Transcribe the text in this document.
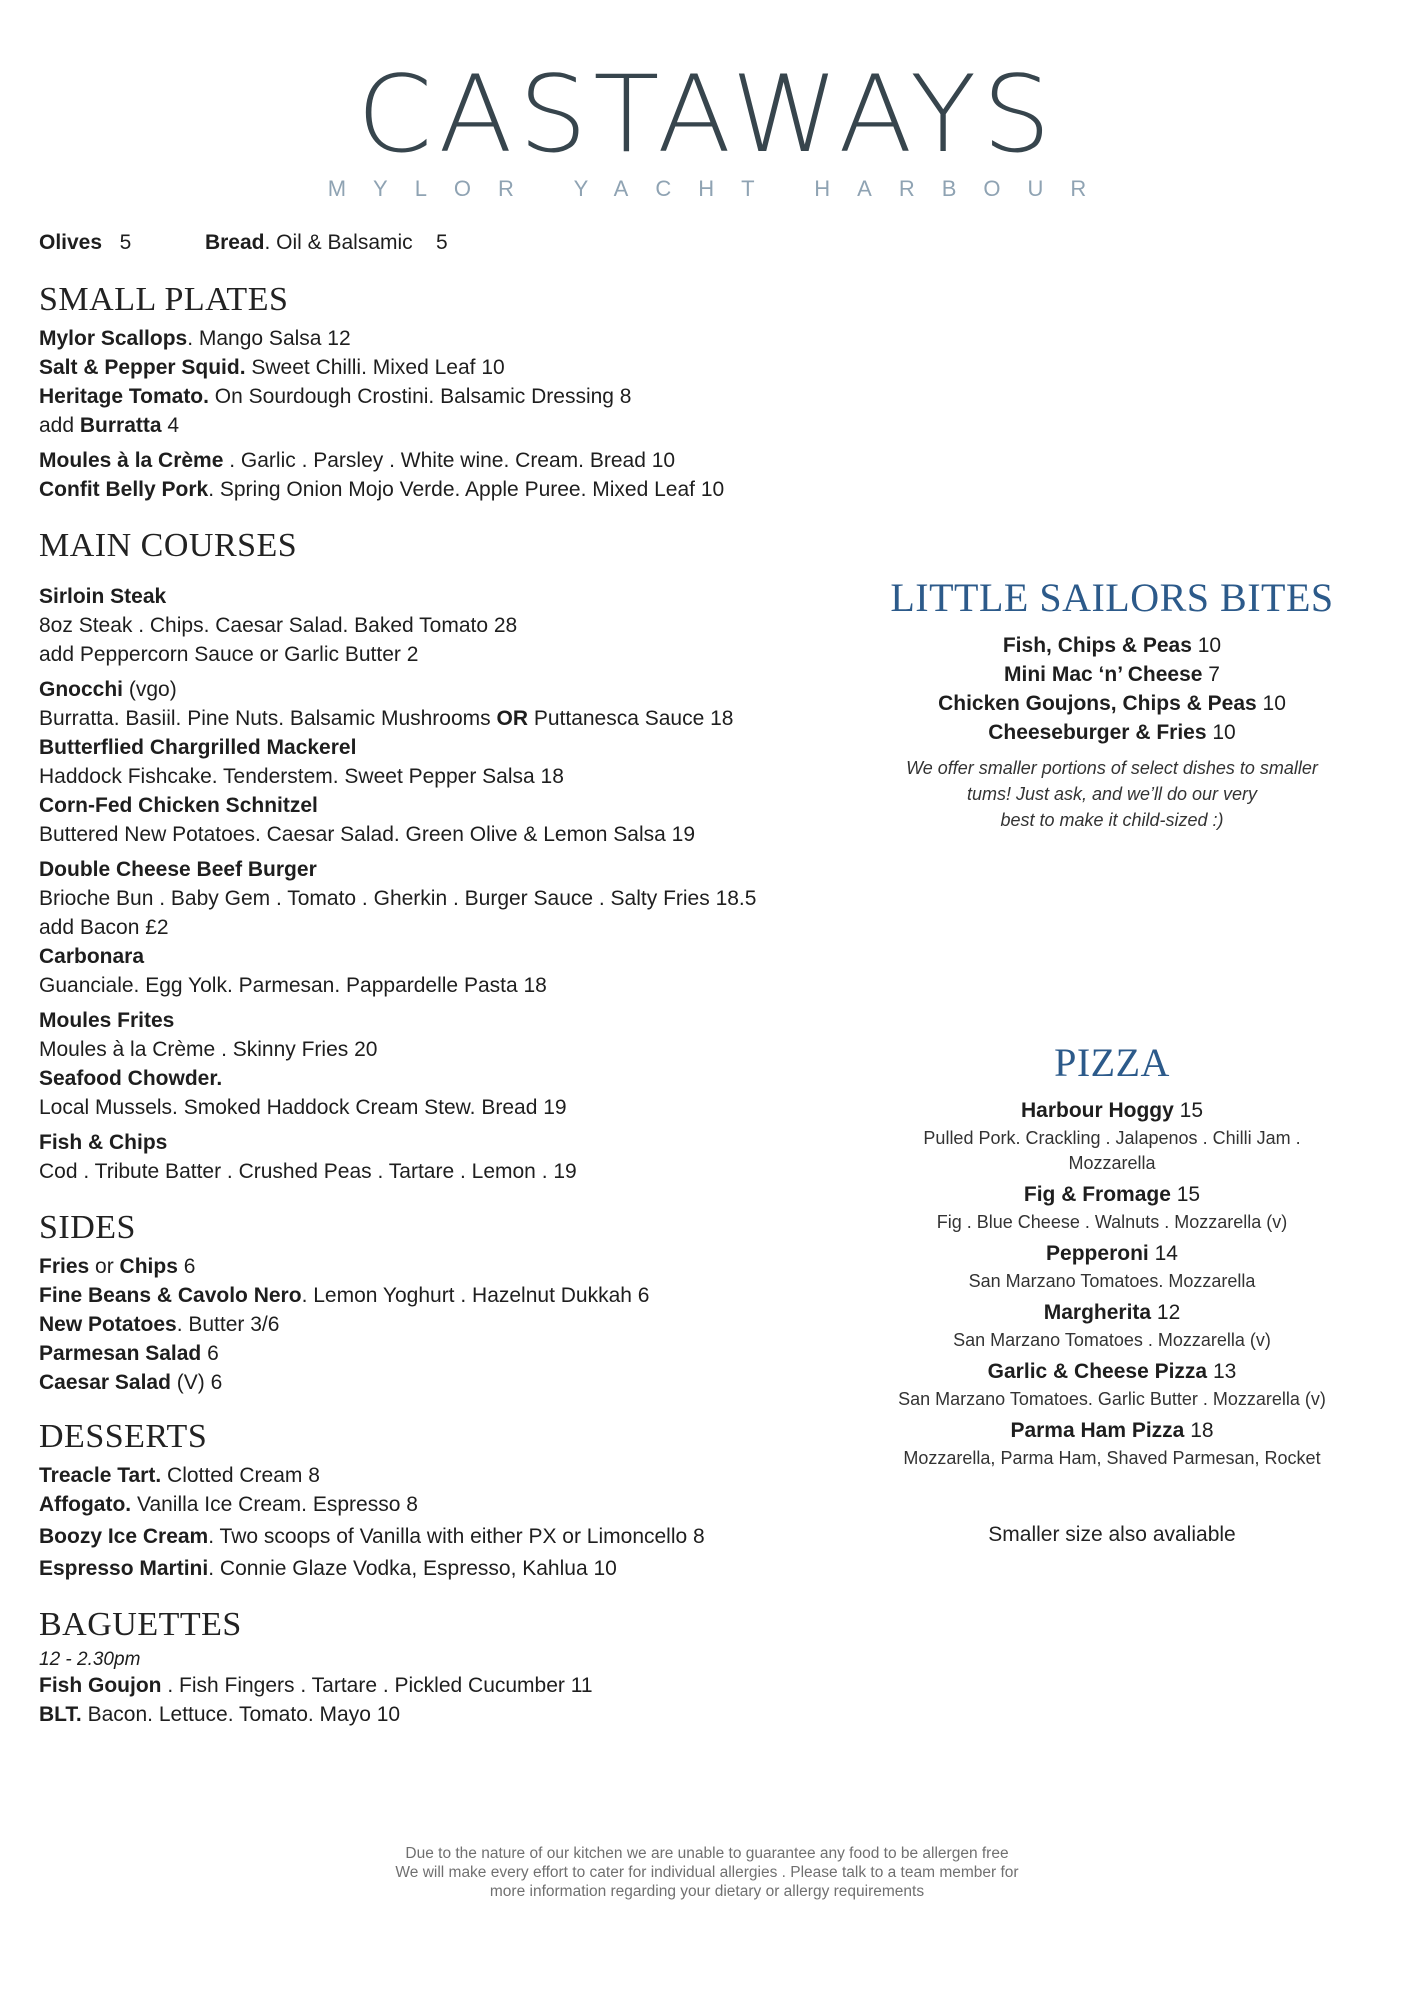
CASTAWAYS
MYLOR YACHT HARBOUR

Olives 5	Bread. Oil & Balsamic 5

SMALL PLATES

Mylor Scallops. Mango Salsa 12

Salt & Pepper Squid. Sweet Chilli. Mixed Leaf 10

Heritage Tomato. On Sourdough Crostini. Balsamic Dressing 8

add Burratta 4

Moules à la Crème . Garlic . Parsley . White wine. Cream. Bread 10

Confit Belly Pork. Spring Onion Mojo Verde. Apple Puree. Mixed Leaf 10

MAIN COURSES

Sirloin Steak

8oz Steak . Chips. Caesar Salad. Baked Tomato 28

add Peppercorn Sauce or Garlic Butter 2

Gnocchi (vgo)

Burratta. Basiil. Pine Nuts. Balsamic Mushrooms OR Puttanesca Sauce 18

Butterflied Chargrilled Mackerel

Haddock Fishcake. Tenderstem. Sweet Pepper Salsa 18

Corn-Fed Chicken Schnitzel

Buttered New Potatoes. Caesar Salad. Green Olive & Lemon Salsa 19

Double Cheese Beef Burger

Brioche Bun . Baby Gem . Tomato . Gherkin . Burger Sauce . Salty Fries 18.5

add Bacon £2

Carbonara

Guanciale. Egg Yolk. Parmesan. Pappardelle Pasta 18

Moules Frites

Moules à la Crème . Skinny Fries 20

Seafood Chowder.

Local Mussels. Smoked Haddock Cream Stew. Bread 19

Fish & Chips

Cod . Tribute Batter . Crushed Peas . Tartare . Lemon . 19

SIDES

Fries or Chips 6

Fine Beans & Cavolo Nero. Lemon Yoghurt . Hazelnut Dukkah 6

New Potatoes. Butter 3/6

Parmesan Salad 6

Caesar Salad (V) 6

DESSERTS

Treacle Tart. Clotted Cream 8

Affogato. Vanilla Ice Cream. Espresso 8

Boozy Ice Cream. Two scoops of Vanilla with either PX or Limoncello 8

Espresso Martini. Connie Glaze Vodka, Espresso, Kahlua 10

BAGUETTES

12 - 2.30pm

Fish Goujon . Fish Fingers . Tartare . Pickled Cucumber 11

BLT. Bacon. Lettuce. Tomato. Mayo 10

LITTLE SAILORS BITES

Fish, Chips & Peas 10

Mini Mac ‘n’ Cheese 7

Chicken Goujons, Chips & Peas 10

Cheeseburger & Fries 10

We offer smaller portions of select dishes to smaller
tums! Just ask, and we’ll do our very
best to make it child-sized :)
PIZZA
Harbour Hoggy 15
Pulled Pork. Crackling . Jalapenos . Chilli Jam .
Mozzarella
Fig & Fromage 15
Fig . Blue Cheese . Walnuts . Mozzarella (v)
Pepperoni 14
San Marzano Tomatoes. Mozzarella
Margherita 12
San Marzano Tomatoes . Mozzarella (v)
Garlic & Cheese Pizza 13
San Marzano Tomatoes. Garlic Butter . Mozzarella (v)
Parma Ham Pizza 18
Mozzarella, Parma Ham, Shaved Parmesan, Rocket
Smaller size also avaliable
Due to the nature of our kitchen we are unable to guarantee any food to be allergen free
We will make every effort to cater for individual allergies . Please talk to a team member for
more information regarding your dietary or allergy requirements
